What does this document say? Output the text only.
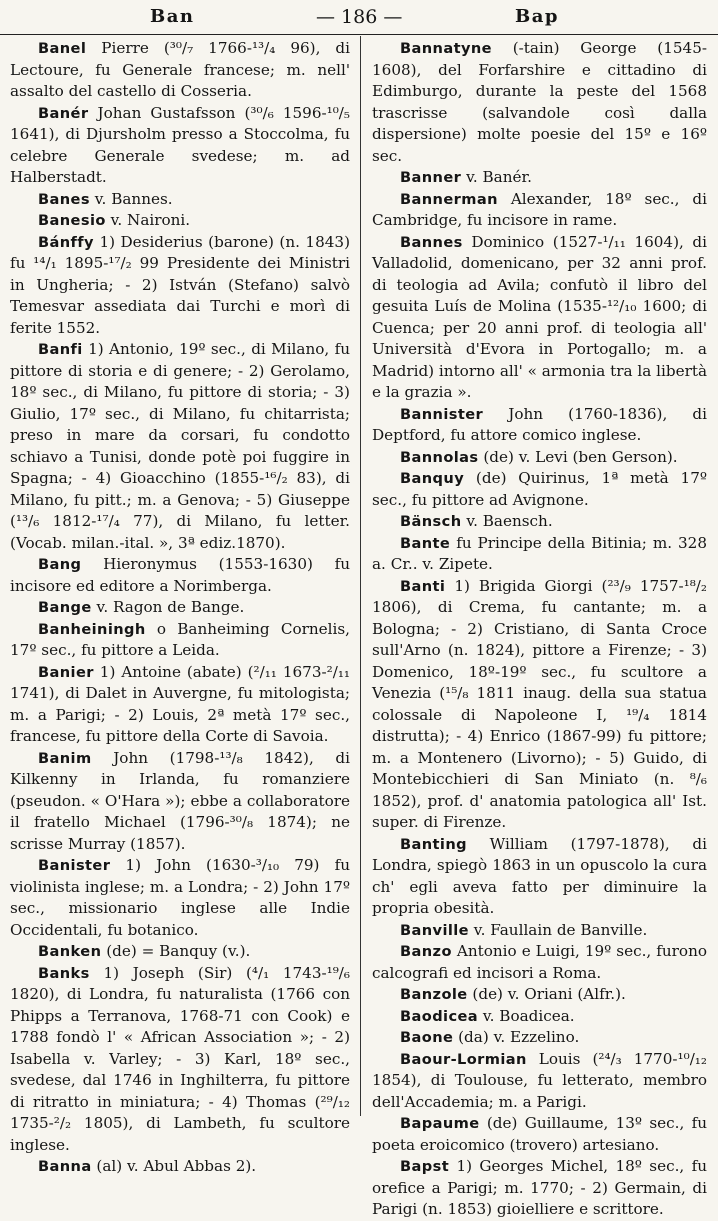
Ban	— 186 —	Bap

Banel Pierre (³⁰/₇ 1766-¹³/₄ 96), di Lectoure, fu Generale francese; m. nell' assalto del castello di Cosseria.

Banér Johan Gustafsson (³⁰/₆ 1596-¹⁰/₅ 1641), di Djursholm presso a Stoccolma, fu celebre Generale svedese; m. ad Halberstadt.

Banes v. Bannes.

Banesio v. Naironi.

Bánffy 1) Desiderius (barone) (n. 1843) fu ¹⁴/₁ 1895-¹⁷/₂ 99 Presidente dei Ministri in Ungheria; - 2) István (Stefano) salvò Temesvar assediata dai Turchi e morì di ferite 1552.

Banfi 1) Antonio, 19º sec., di Milano, fu pittore di storia e di genere; - 2) Gerolamo, 18º sec., di Milano, fu pittore di storia; - 3) Giulio, 17º sec., di Milano, fu chitarrista; preso in mare da corsari, fu condotto schiavo a Tunisi, donde potè poi fuggire in Spagna; - 4) Gioacchino (1855-¹⁶/₂ 83), di Milano, fu pitt.; m. a Genova; - 5) Giuseppe (¹³/₆ 1812-¹⁷/₄ 77), di Milano, fu letter. (Vocab. milan.-ital. », 3ª ediz.1870).

Bang Hieronymus (1553-1630) fu incisore ed editore a Norimberga.

Bange v. Ragon de Bange.

Banheiningh o Banheiming Cornelis, 17º sec., fu pittore a Leida.

Banier 1) Antoine (abate) (²/₁₁ 1673-²/₁₁ 1741), di Dalet in Auvergne, fu mitologista; m. a Parigi; - 2) Louis, 2ª metà 17º sec., francese, fu pittore della Corte di Savoia.

Banim John (1798-¹³/₈ 1842), di Kilkenny in Irlanda, fu romanziere (pseudon. « O'Hara »); ebbe a collaboratore il fratello Michael (1796-³⁰/₈ 1874); ne scrisse Murray (1857).

Banister 1) John (1630-³/₁₀ 79) fu violinista inglese; m. a Londra; - 2) John 17º sec., missionario inglese alle Indie Occidentali, fu botanico.

Banken (de) = Banquy (v.).

Banks 1) Joseph (Sir) (⁴/₁ 1743-¹⁹/₆ 1820), di Londra, fu naturalista (1766 con Phipps a Terranova, 1768-71 con Cook) e 1788 fondò l' « African Association »; - 2) Isabella v. Varley; - 3) Karl, 18º sec., svedese, dal 1746 in Inghilterra, fu pittore di ritratto in miniatura; - 4) Thomas (²⁹/₁₂ 1735-²/₂ 1805), di Lambeth, fu scultore inglese.

Banna (al) v. Abul Abbas 2).

Bannatyne (-tain) George (1545-1608), del Forfarshire e cittadino di Edimburgo, durante la peste del 1568 trascrisse (salvandole così dalla dispersione) molte poesie del 15º e 16º sec.

Banner v. Banér.

Bannerman Alexander, 18º sec., di Cambridge, fu incisore in rame.

Bannes Dominico (1527-¹/₁₁ 1604), di Valladolid, domenicano, per 32 anni prof. di teologia ad Avila; confutò il libro del gesuita Luís de Molina (1535-¹²/₁₀ 1600; di Cuenca; per 20 anni prof. di teologia all' Università d'Evora in Portogallo; m. a Madrid) intorno all' « armonia tra la libertà e la grazia ».

Bannister John (1760-1836), di Deptford, fu attore comico inglese.

Bannolas (de) v. Levi (ben Gerson).

Banquy (de) Quirinus, 1ª metà 17º sec., fu pittore ad Avignone.

Bänsch v. Baensch.

Bante fu Principe della Bitinia; m. 328 a. Cr.. v. Zipete.

Banti 1) Brigida Giorgi (²³/₉ 1757-¹⁸/₂ 1806), di Crema, fu cantante; m. a Bologna; - 2) Cristiano, di Santa Croce sull'Arno (n. 1824), pittore a Firenze; - 3) Domenico, 18º-19º sec., fu scultore a Venezia (¹⁵/₈ 1811 inaug. della sua statua colossale di Napoleone I, ¹⁹/₄ 1814 distrutta); - 4) Enrico (1867-99) fu pittore; m. a Montenero (Livorno); - 5) Guido, di Montebicchieri di San Miniato (n. ⁸/₆ 1852), prof. d' anatomia patologica all' Ist. super. di Firenze.

Banting William (1797-1878), di Londra, spiegò 1863 in un opuscolo la cura ch' egli aveva fatto per diminuire la propria obesità.

Banville v. Faullain de Banville.

Banzo Antonio e Luigi, 19º sec., furono calcografi ed incisori a Roma.

Banzole (de) v. Oriani (Alfr.).

Baodicea v. Boadicea.

Baone (da) v. Ezzelino.

Baour-Lormian Louis (²⁴/₃ 1770-¹⁰/₁₂ 1854), di Toulouse, fu letterato, membro dell'Accademia; m. a Parigi.

Bapaume (de) Guillaume, 13º sec., fu poeta eroicomico (trovero) artesiano.

Bapst 1) Georges Michel, 18º sec., fu orefice a Parigi; m. 1770; - 2) Germain, di Parigi (n. 1853) gioielliere e scrittore.
